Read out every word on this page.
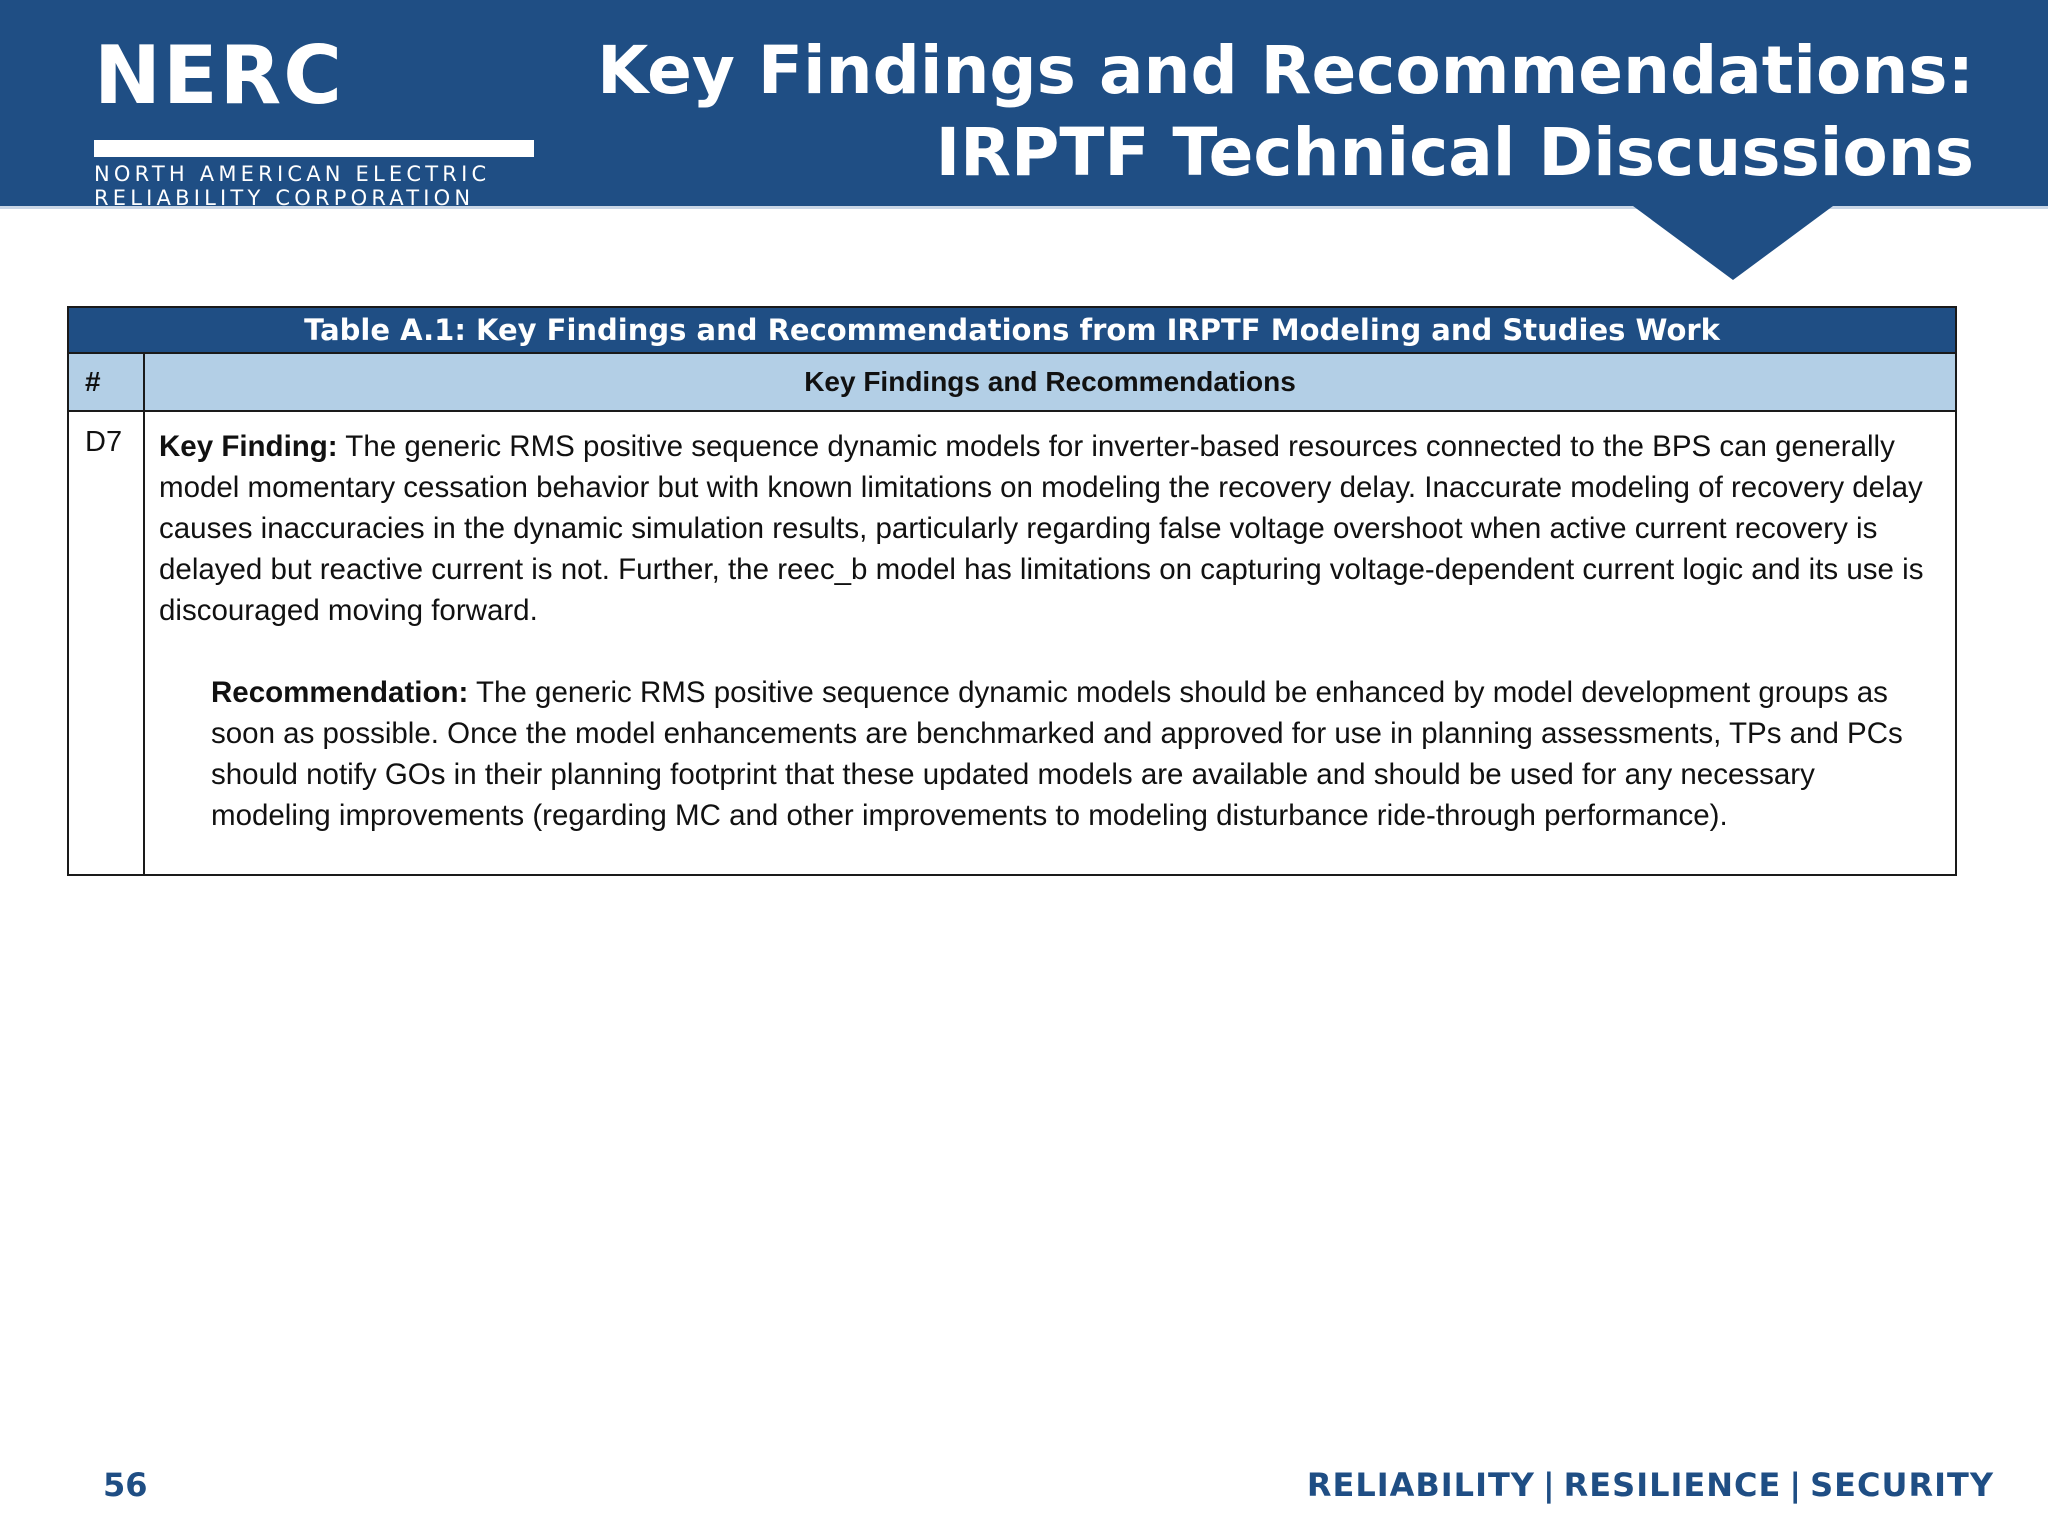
NERC
NORTH AMERICAN ELECTRIC
RELIABILITY CORPORATION
Key Findings and Recommendations:
IRPTF Technical Discussions
Table A.1: Key Findings and Recommendations from IRPTF Modeling and Studies Work	
#	Key Findings and Recommendations
D7	Key Finding: The generic RMS positive sequence dynamic models for inverter-based resources connected to the BPS can generally model momentary cessation behavior but with known limitations on modeling the recovery delay. Inaccurate modeling of recovery delay causes inaccuracies in the dynamic simulation results, particularly regarding false voltage overshoot when active current recovery is delayed but reactive current is not. Further, the reec_b model has limitations on capturing voltage-dependent current logic and its use is discouraged moving forward.

Recommendation: The generic RMS positive sequence dynamic models should be enhanced by model development groups as soon as possible. Once the model enhancements are benchmarked and approved for use in planning assessments, TPs and PCs should notify GOs in their planning footprint that these updated models are available and should be used for any necessary modeling improvements (regarding MC and other improvements to modeling disturbance ride-through performance).

56	RELIABILITY | RESILIENCE | SECURITY
